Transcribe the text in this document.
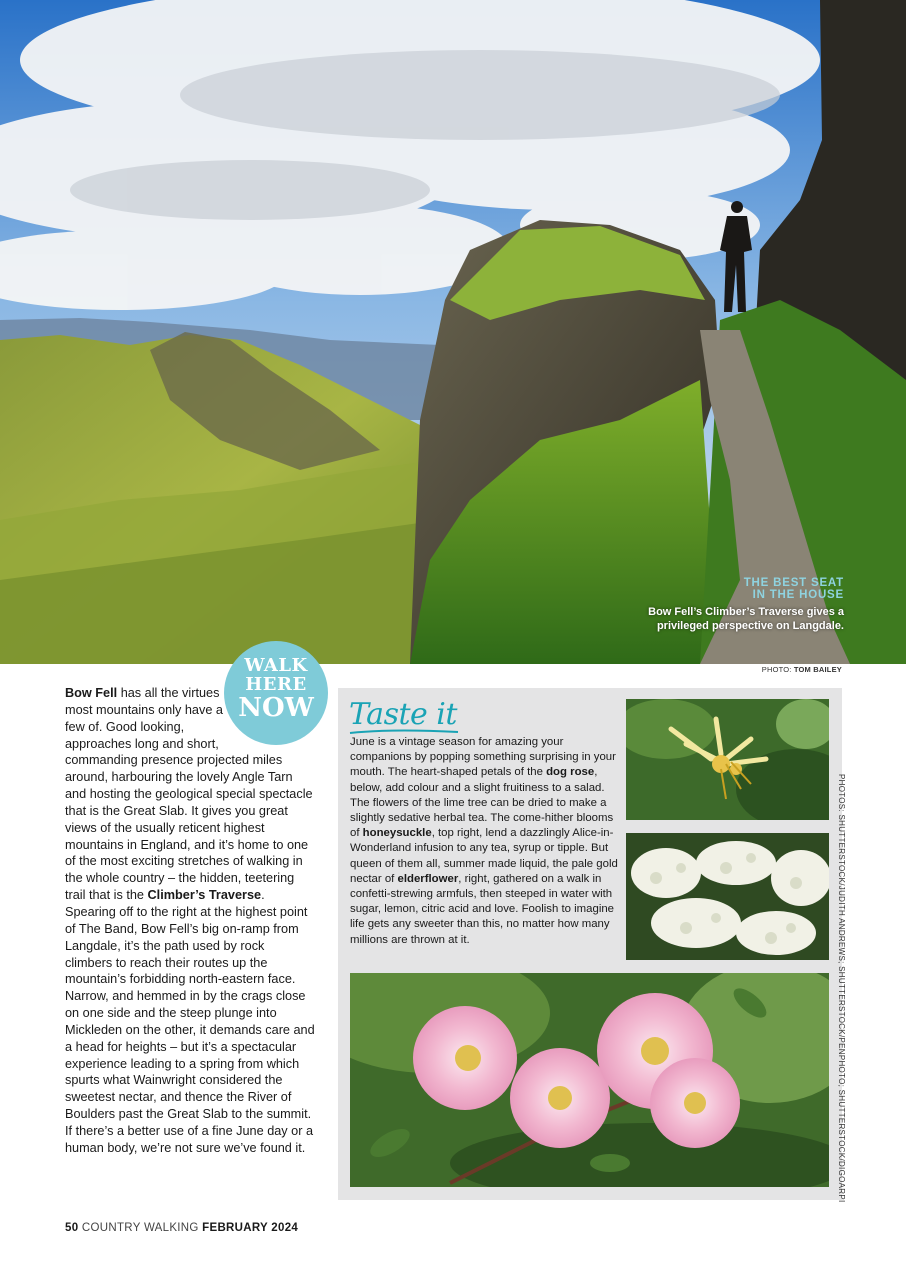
THE BEST SEAT
IN THE HOUSE
Bow Fell’s Climber’s Traverse gives a privileged perspective on Langdale.
PHOTO: TOM BAILEY
WALK
HERE
NOW
Bow Fell has all the virtues most mountains only have a few of. Good looking, approaches long and short, commanding presence projected miles around, harbouring the lovely Angle Tarn and hosting the geological special spectacle that is the Great Slab. It gives you great views of the usually reticent highest mountains in England, and it’s home to one of the most exciting stretches of walking in the whole country – the hidden, teetering trail that is the Climber’s Traverse. Spearing off to the right at the highest point of The Band, Bow Fell’s big on-ramp from Langdale, it’s the path used by rock climbers to reach their routes up the mountain’s forbidding north-eastern face. Narrow, and hemmed in by the crags close on one side and the steep plunge into Mickleden on the other, it demands care and a head for heights – but it’s a spectacular experience leading to a spring from which spurts what Wainwright considered the sweetest nectar, and thence the River of Boulders past the Great Slab to the summit. If there’s a better use of a fine June day or a human body, we’re not sure we’ve found it.
Taste it
June is a vintage season for amazing your companions by popping something surprising in your mouth. The heart-shaped petals of the dog rose, below, add colour and a slight fruitiness to a salad. The flowers of the lime tree can be dried to make a slightly sedative herbal tea. The come-hither blooms of honeysuckle, top right, lend a dazzlingly Alice-in-Wonderland infusion to any tea, syrup or tipple. But queen of them all, summer made liquid, the pale gold nectar of elderflower, right, gathered on a walk in confetti-strewing armfuls, then steeped in water with sugar, lemon, citric acid and love. Foolish to imagine life gets any sweeter than this, no matter how many millions are thrown at it.	PHOTOS: SHUTTERSTOCK/JUDITH ANDREWS; SHUTTERSTOCK/PENPHOTO; SHUTTERSTOCK/DIGOARPI
50 COUNTRY WALKING FEBRUARY 2024
